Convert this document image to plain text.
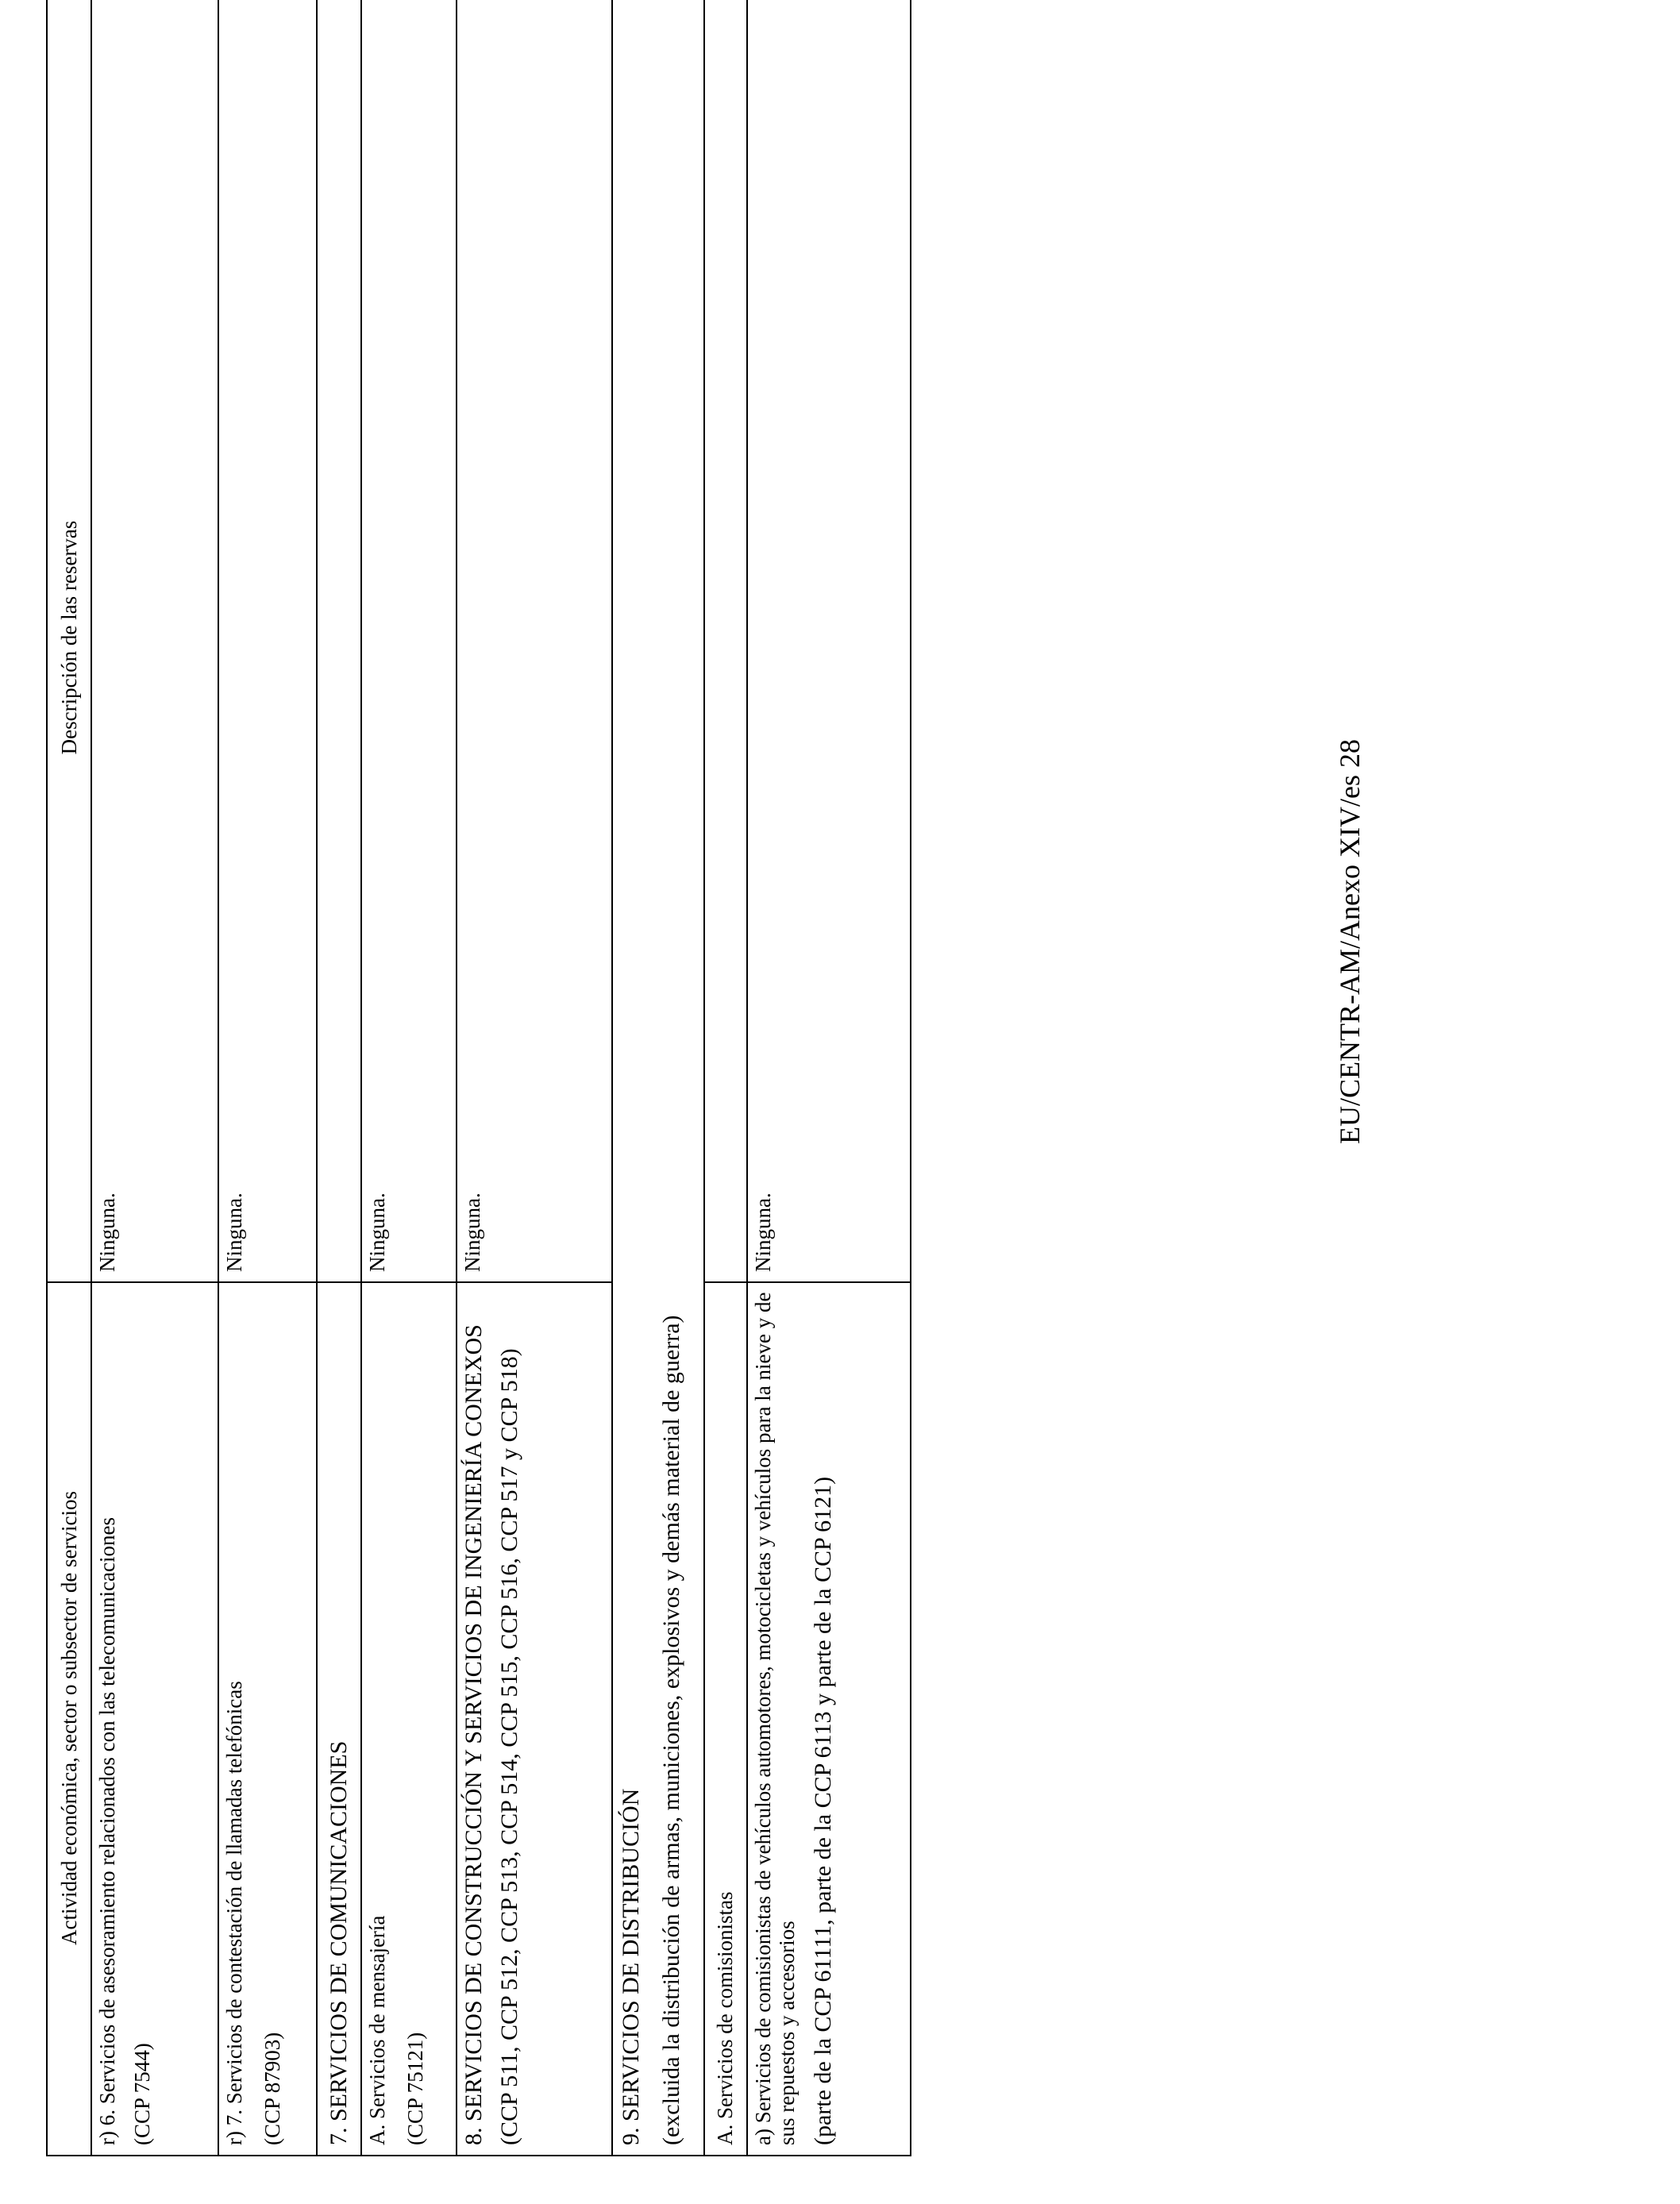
Actividad económica, sector o subsector de servicios
Descripción de las reservas

r) 6. Servicios de asesoramiento relacionados con las telecomunicaciones (CCP 7544)

Ninguna.

r) 7. Servicios de contestación de llamadas telefónicas (CCP 87903)

Ninguna.
7. SERVICIOS DE COMUNICACIONES A. Servicios de mensajería (CCP 75121)

Ninguna.

8. SERVICIOS DE CONSTRUCCIÓN Y SERVICIOS DE INGENIERÍA CONEXOS (CCP 511, CCP 512, CCP 513, CCP 514, CCP 515, CCP 516, CCP 517 y CCP 518)

Ninguna.

9. SERVICIOS DE DISTRIBUCIÓN (excluida la distribución de armas, municiones, explosivos y demás material de guerra)	A. Servicios de comisionistas a) Servicios de comisionistas de vehículos automotores, motocicletas y vehículos para la nieve y de sus repuestos y accesorios (parte de la CCP 61111, parte de la CCP 6113 y parte de la CCP 6121)

Ninguna.
EU/CENTR-AM/Anexo XIV/es 28
